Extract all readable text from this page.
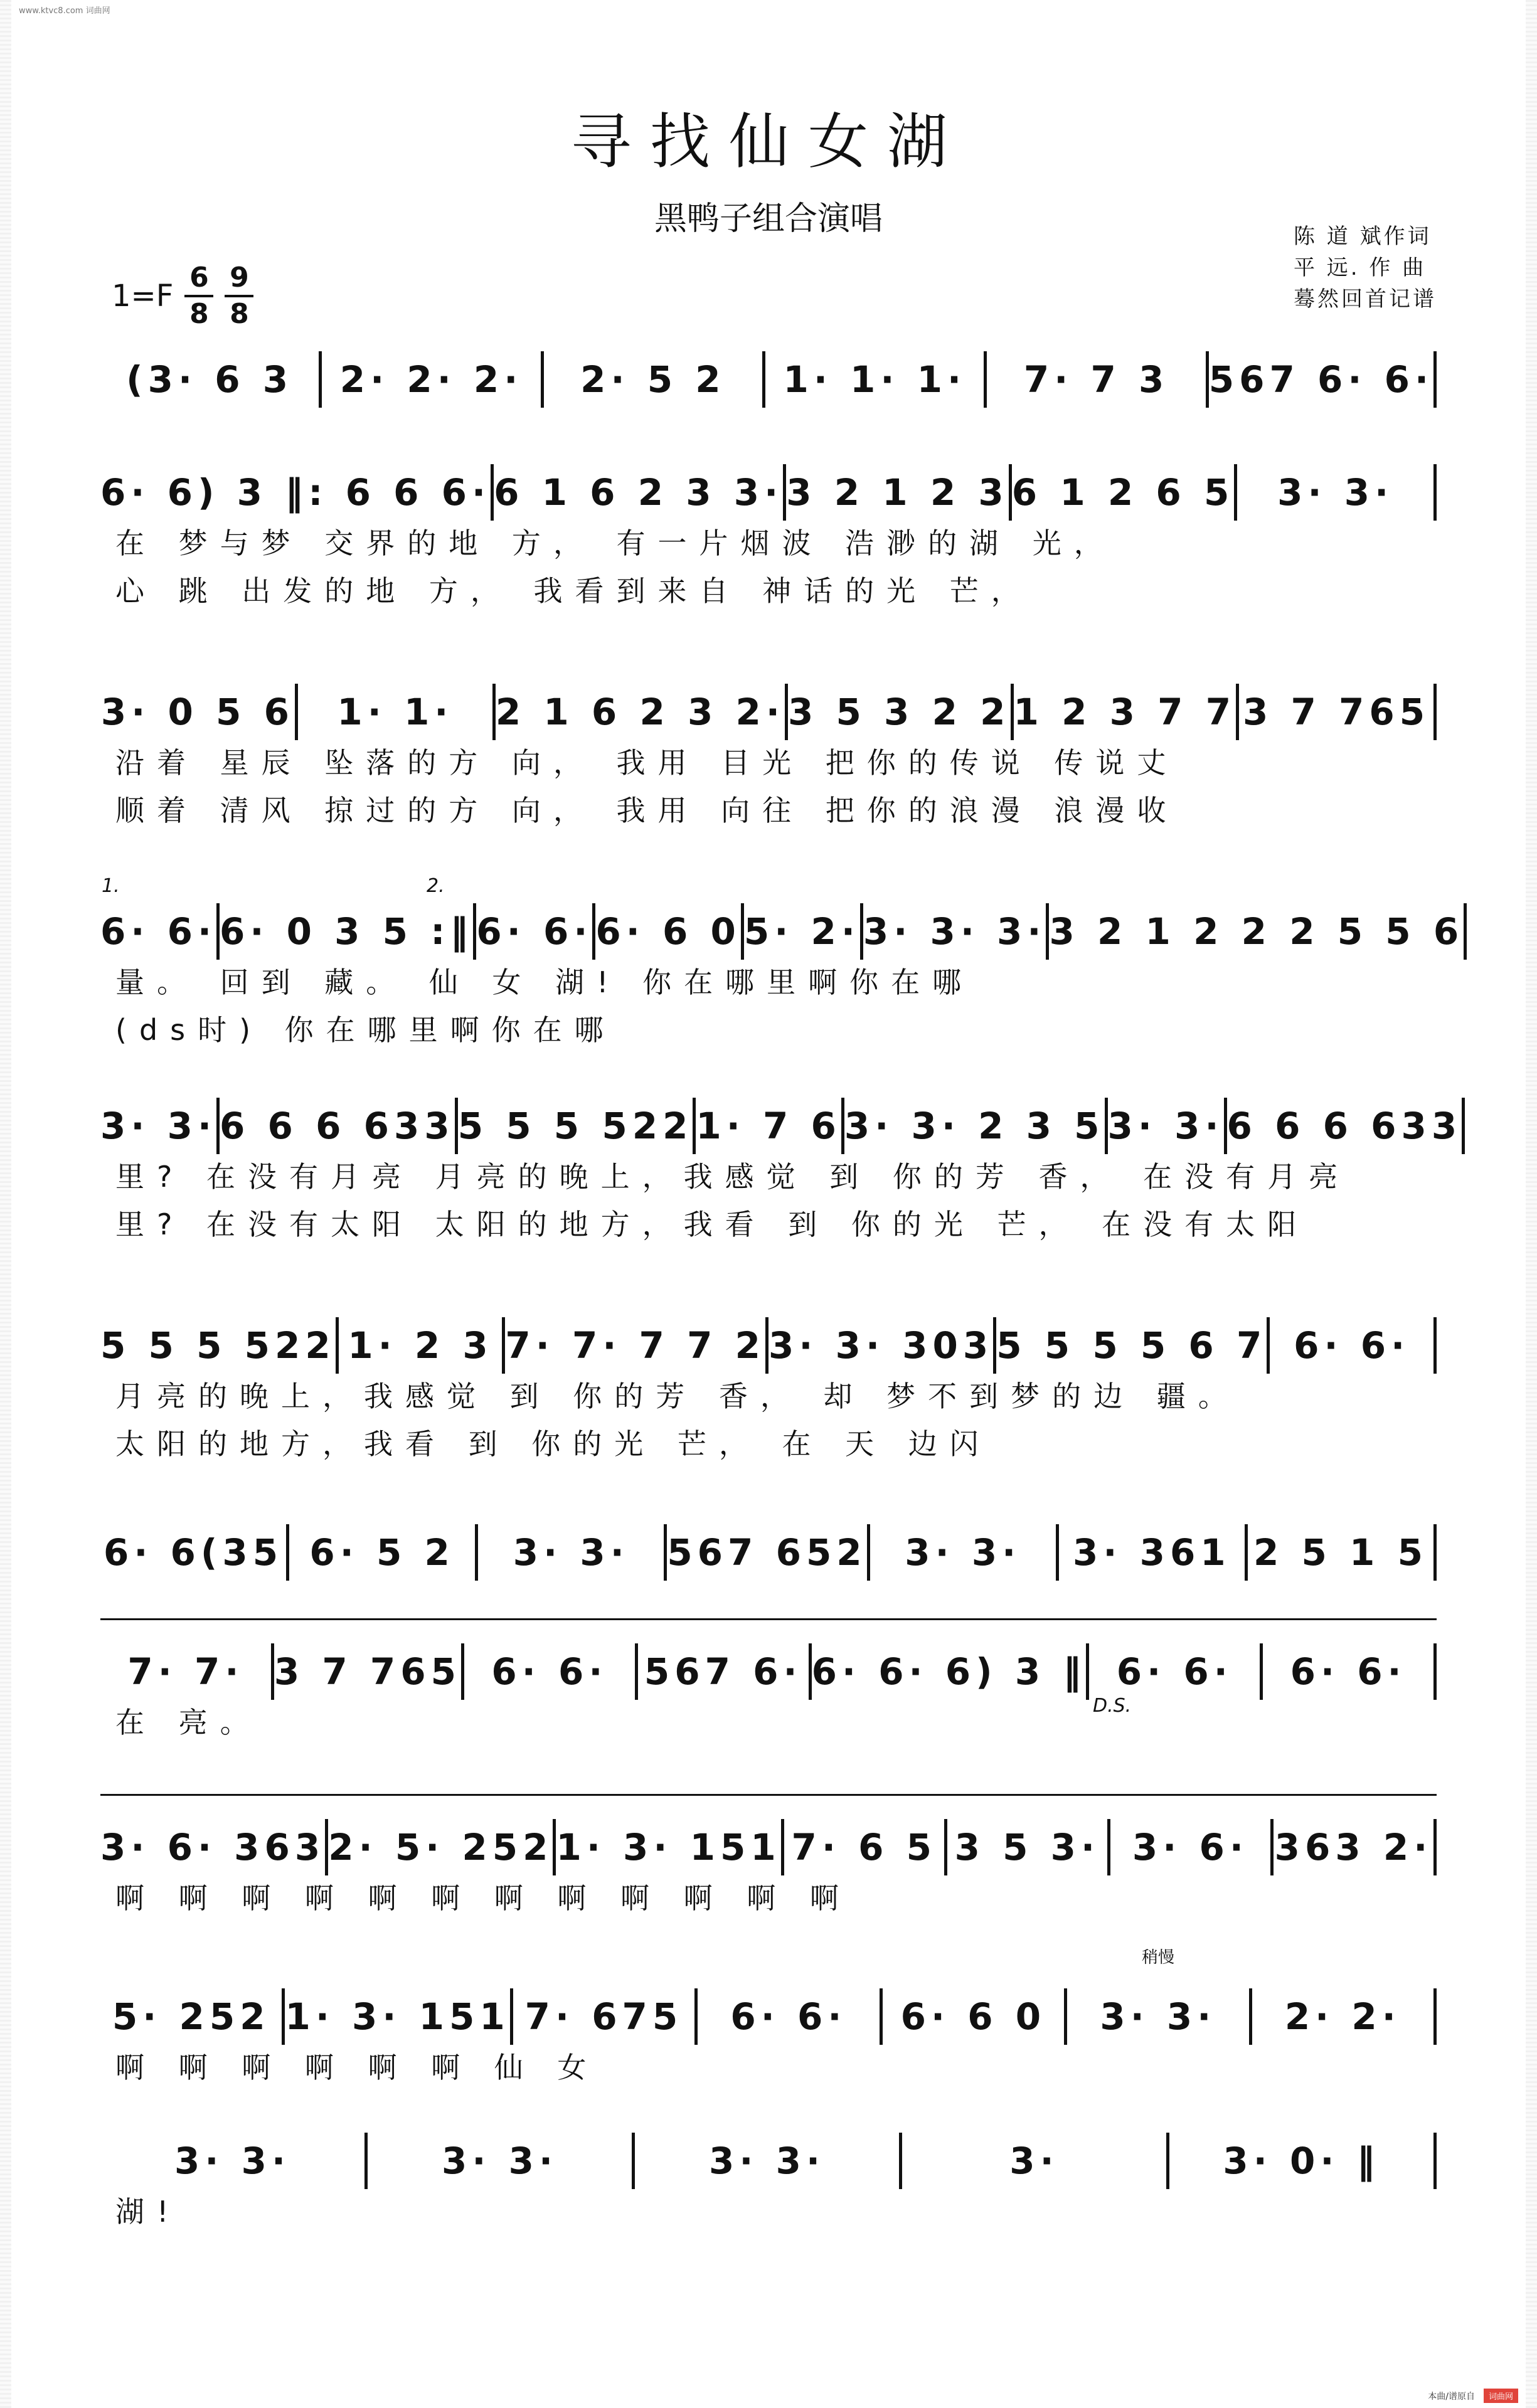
www.ktvc8.com 词曲网
本曲/谱原自	词曲网
寻找仙女湖
黑鸭子组合演唱	陈 道 斌作词
平 远. 作 曲
蓦然回首记谱
$1=F \frac{6}{8} \frac{9}{8}$
(3· 6 3	2· 2· 2·	2· 5 2	1· 1· 1·	7· 7 3	567 6· 6·
6· 6) 3 ‖: 6 6 6· 6 1 6 2 3 3· 3 2 1 2 3 6 1 2 6 5	3· 3·
在 梦与梦 交界的地 方， 有一片烟波 浩渺的湖 光，
心 跳 出发的地 方， 我看到来自 神话的光 芒，
3· 0 5 6	1· 1·	2 1 6 2 3 2· 3 5 3 2 2 1 2 3 7 7 3 7 765
沿着 星辰 坠落的方 向， 我用 目光 把你的传说 传说丈
顺着 清风 掠过的方 向， 我用 向往 把你的浪漫 浪漫收
6· 6· 6· 0 3 5 :‖ 6· 6· 6· 6 0 5· 2· 3· 3· 3· 3 2 1 2 2 2 5 5 6
量。 回到 藏。 仙 女 湖! 你在哪里啊你在哪
(ds时) 你在哪里啊你在哪
3· 3· 6 6 6 633 5 5 5 522 1· 7 6 3· 3· 2 3 5 3· 3· 6 6 6 633
里? 在没有月亮 月亮的晚上，我感觉 到 你的芳 香， 在没有月亮
里? 在没有太阳 太阳的地方，我看 到 你的光 芒， 在没有太阳
5 5 5 522 1· 2 3 7· 7· 7 7 2 3· 3· 303 5 5 5 5 6 7 6· 6·
月亮的晚上，我感觉 到 你的芳 香， 却 梦不到梦的边 疆。
太阳的地方，我看 到 你的光 芒， 在 天 边闪
6· 6(35 6· 5 2	3· 3·	567 652	3· 3·	3· 361 2 5 1 5
7· 7· 3 7 765 6· 6·	567 6· 6· 6· 6) 3 ‖ 6· 6·	6· 6·
在 亮。
3· 6· 363 2· 5· 252 1· 3· 151 7· 6 5 3 5 3· 3· 6· 363 2·
啊 啊 啊 啊 啊 啊 啊 啊 啊 啊 啊 啊
5· 252 1· 3· 151 7· 675	6· 6·	6· 6 0	3· 3·	2· 2·
啊 啊 啊 啊 啊 啊 仙 女
3· 3·	3· 3·	3· 3·	3·	3· 0· ‖
湖!
1.	2.
D.S.
稍慢
